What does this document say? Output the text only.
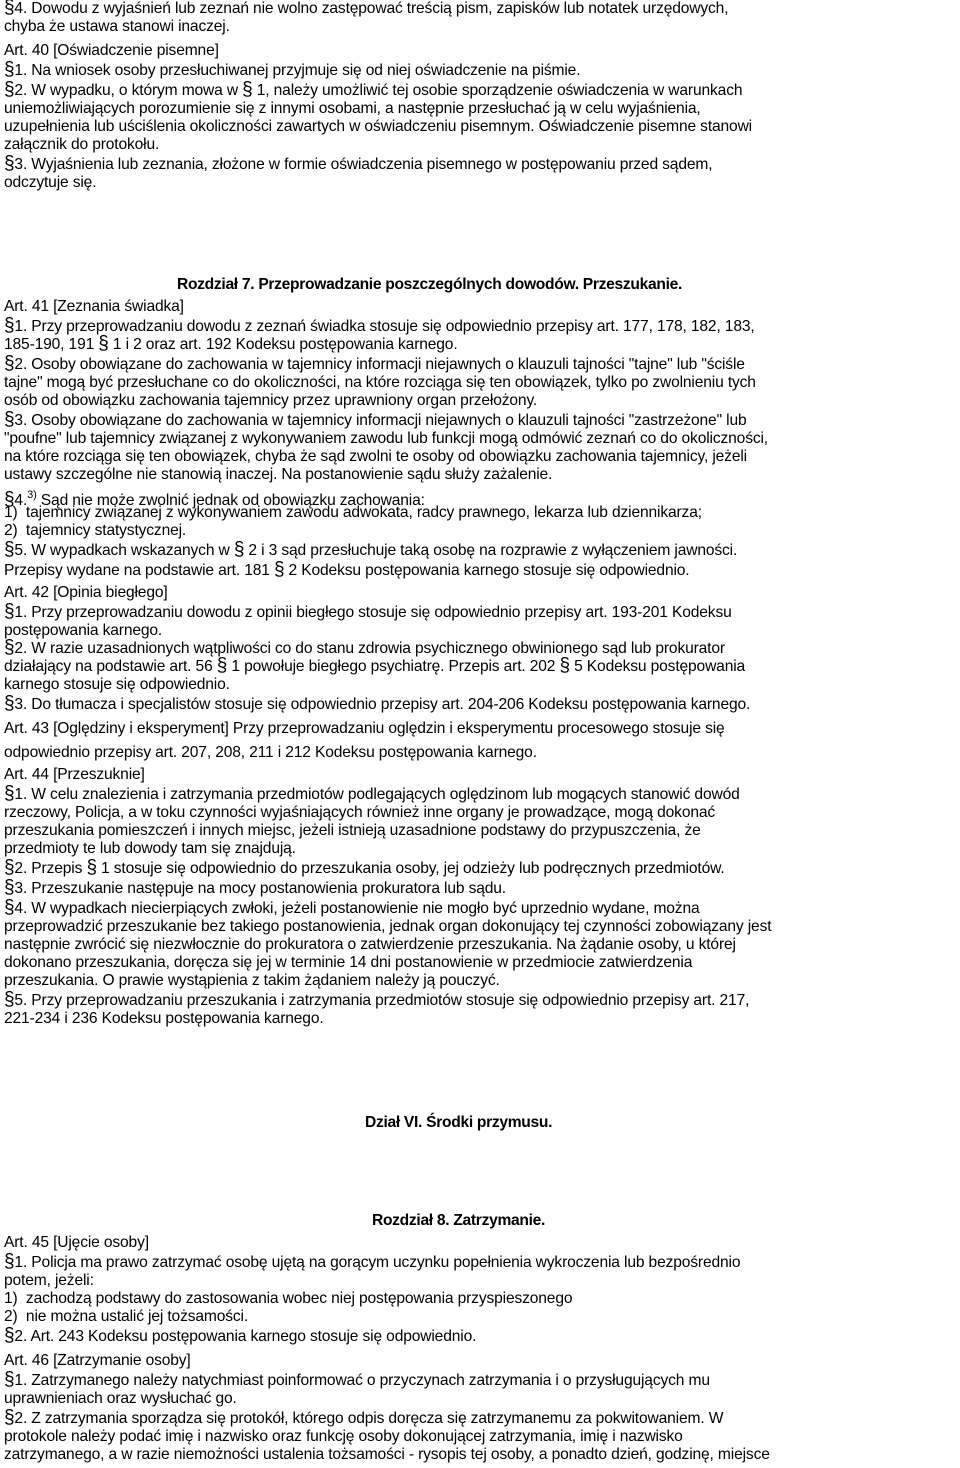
Rozdział 7. Przeprowadzanie poszczególnych dowodów. Przeszukanie.
Dział VI. Środki przymusu.
Rozdział 8. Zatrzymanie.
§4. Dowodu z wyjaśnień lub zeznań nie wolno zastępować treścią pism, zapisków lub notatek urzędowych,
chyba że ustawa stanowi inaczej.
Art. 40 [Oświadczenie pisemne]
§1. Na wniosek osoby przesłuchiwanej przyjmuje się od niej oświadczenie na piśmie.
§2. W wypadku, o którym mowa w § 1, należy umożliwić tej osobie sporządzenie oświadczenia w warunkach
uniemożliwiających porozumienie się z innymi osobami, a następnie przesłuchać ją w celu wyjaśnienia,
uzupełnienia lub uściślenia okoliczności zawartych w oświadczeniu pisemnym. Oświadczenie pisemne stanowi
załącznik do protokołu.
§3. Wyjaśnienia lub zeznania, złożone w formie oświadczenia pisemnego w postępowaniu przed sądem,
odczytuje się.
Art. 41 [Zeznania świadka]
§1. Przy przeprowadzaniu dowodu z zeznań świadka stosuje się odpowiednio przepisy art. 177, 178, 182, 183,
185-190, 191 § 1 i 2 oraz art. 192 Kodeksu postępowania karnego.
§2. Osoby obowiązane do zachowania w tajemnicy informacji niejawnych o klauzuli tajności "tajne" lub "ściśle
tajne" mogą być przesłuchane co do okoliczności, na które rozciąga się ten obowiązek, tylko po zwolnieniu tych
osób od obowiązku zachowania tajemnicy przez uprawniony organ przełożony.
§3. Osoby obowiązane do zachowania w tajemnicy informacji niejawnych o klauzuli tajności "zastrzeżone" lub
"poufne" lub tajemnicy związanej z wykonywaniem zawodu lub funkcji mogą odmówić zeznań co do okoliczności,
na które rozciąga się ten obowiązek, chyba że sąd zwolni te osoby od obowiązku zachowania tajemnicy, jeżeli
ustawy szczególne nie stanowią inaczej. Na postanowienie sądu służy zażalenie.
§4.$^{3)}$ Sąd nie może zwolnić jednak od obowiązku zachowania:
1)  tajemnicy związanej z wykonywaniem zawodu adwokata, radcy prawnego, lekarza lub dziennikarza;
2)  tajemnicy statystycznej.
§5. W wypadkach wskazanych w § 2 i 3 sąd przesłuchuje taką osobę na rozprawie z wyłączeniem jawności.
Przepisy wydane na podstawie art. 181 § 2 Kodeksu postępowania karnego stosuje się odpowiednio.
Art. 42 [Opinia biegłego]
§1. Przy przeprowadzaniu dowodu z opinii biegłego stosuje się odpowiednio przepisy art. 193-201 Kodeksu
postępowania karnego.
§2. W razie uzasadnionych wątpliwości co do stanu zdrowia psychicznego obwinionego sąd lub prokurator
działający na podstawie art. 56 § 1 powołuje biegłego psychiatrę. Przepis art. 202 § 5 Kodeksu postępowania
karnego stosuje się odpowiednio.
§3. Do tłumacza i specjalistów stosuje się odpowiednio przepisy art. 204-206 Kodeksu postępowania karnego.
Art. 43 [Oględziny i eksperyment] Przy przeprowadzaniu oględzin i eksperymentu procesowego stosuje się
odpowiednio przepisy art. 207, 208, 211 i 212 Kodeksu postępowania karnego.
Art. 44 [Przeszuknie]
§1. W celu znalezienia i zatrzymania przedmiotów podlegających oględzinom lub mogących stanowić dowód
rzeczowy, Policja, a w toku czynności wyjaśniających również inne organy je prowadzące, mogą dokonać
przeszukania pomieszczeń i innych miejsc, jeżeli istnieją uzasadnione podstawy do przypuszczenia, że
przedmioty te lub dowody tam się znajdują.
§2. Przepis § 1 stosuje się odpowiednio do przeszukania osoby, jej odzieży lub podręcznych przedmiotów.
§3. Przeszukanie następuje na mocy postanowienia prokuratora lub sądu.
§4. W wypadkach niecierpiących zwłoki, jeżeli postanowienie nie mogło być uprzednio wydane, można
przeprowadzić przeszukanie bez takiego postanowienia, jednak organ dokonujący tej czynności zobowiązany jest
następnie zwrócić się niezwłocznie do prokuratora o zatwierdzenie przeszukania. Na żądanie osoby, u której
dokonano przeszukania, doręcza się jej w terminie 14 dni postanowienie w przedmiocie zatwierdzenia
przeszukania. O prawie wystąpienia z takim żądaniem należy ją pouczyć.
§5. Przy przeprowadzaniu przeszukania i zatrzymania przedmiotów stosuje się odpowiednio przepisy art. 217,
221-234 i 236 Kodeksu postępowania karnego.
Art. 45 [Ujęcie osoby]
§1. Policja ma prawo zatrzymać osobę ujętą na gorącym uczynku popełnienia wykroczenia lub bezpośrednio
potem, jeżeli:
1)  zachodzą podstawy do zastosowania wobec niej postępowania przyspieszonego
2)  nie można ustalić jej tożsamości.
§2. Art. 243 Kodeksu postępowania karnego stosuje się odpowiednio.
Art. 46 [Zatrzymanie osoby]
§1. Zatrzymanego należy natychmiast poinformować o przyczynach zatrzymania i o przysługujących mu
uprawnieniach oraz wysłuchać go.
§2. Z zatrzymania sporządza się protokół, którego odpis doręcza się zatrzymanemu za pokwitowaniem. W
protokole należy podać imię i nazwisko oraz funkcję osoby dokonującej zatrzymania, imię i nazwisko
zatrzymanego, a w razie niemożności ustalenia tożsamości - rysopis tej osoby, a ponadto dzień, godzinę, miejsce
